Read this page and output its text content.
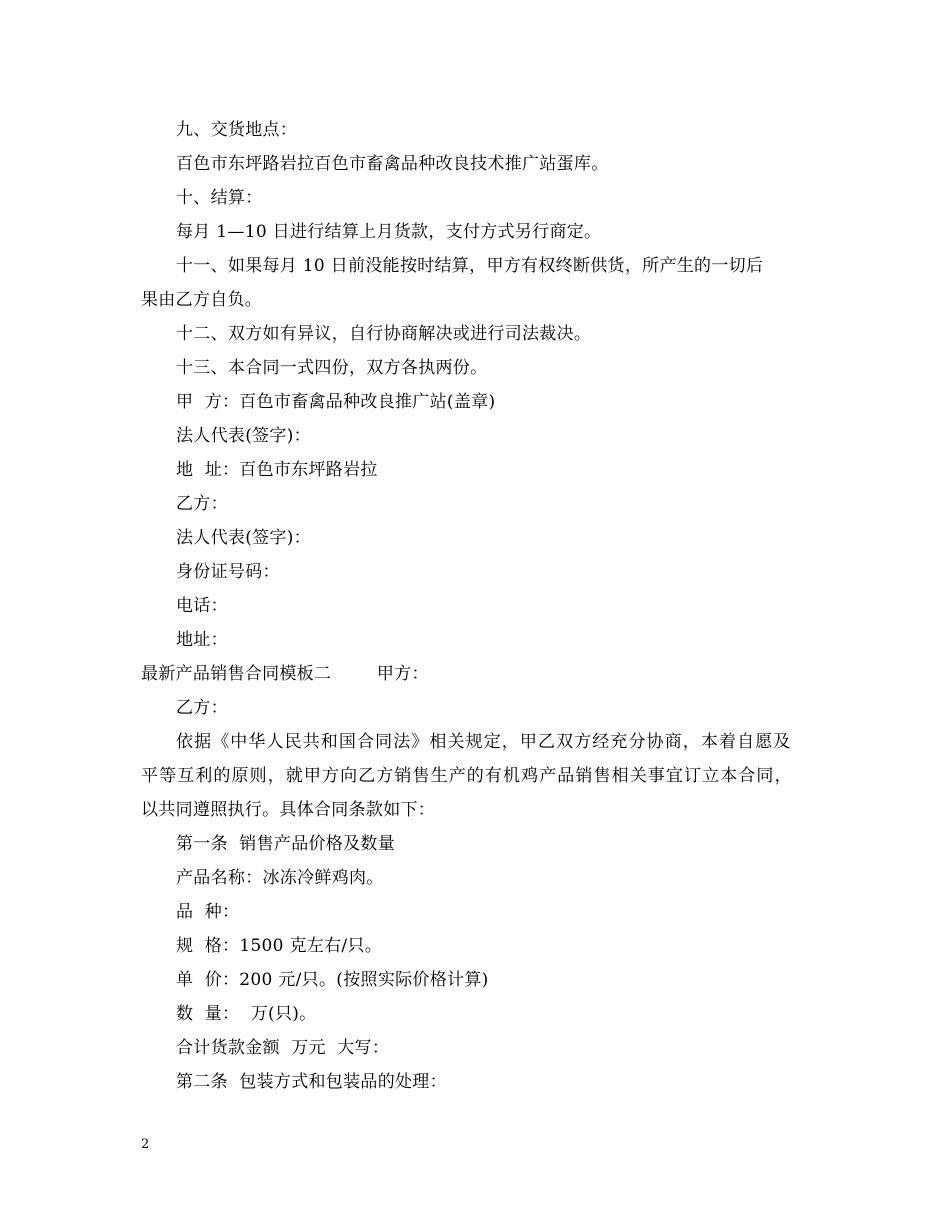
九、交货地点：
百色市东坪路岩拉百色市畜禽品种改良技术推广站蛋库。
十、结算：
每月 1—10 日进行结算上月货款，支付方式另行商定。
十一、如果每月 10 日前没能按时结算，甲方有权终断供货，所产生的一切后
果由乙方自负。
十二、双方如有异议，自行协商解决或进行司法裁决。
十三、本合同一式四份，双方各执两份。
甲  方：百色市畜禽品种改良推广站(盖章)
法人代表(签字)：
地  址：百色市东坪路岩拉
乙方：
法人代表(签字)：
身份证号码：
电话：
地址：
最新产品销售合同模板二        甲方：
乙方：
依据《中华人民共和国合同法》相关规定，甲乙双方经充分协商，本着自愿及
平等互利的原则，就甲方向乙方销售生产的有机鸡产品销售相关事宜订立本合同，
以共同遵照执行。具体合同条款如下：
第一条  销售产品价格及数量
产品名称：冰冻冷鲜鸡肉。
品  种：
规  格：1500 克左右/只。
单  价：200 元/只。(按照实际价格计算)
数  量：  万(只)。
合计货款金额  万元  大写：
第二条  包装方式和包装品的处理：
2
